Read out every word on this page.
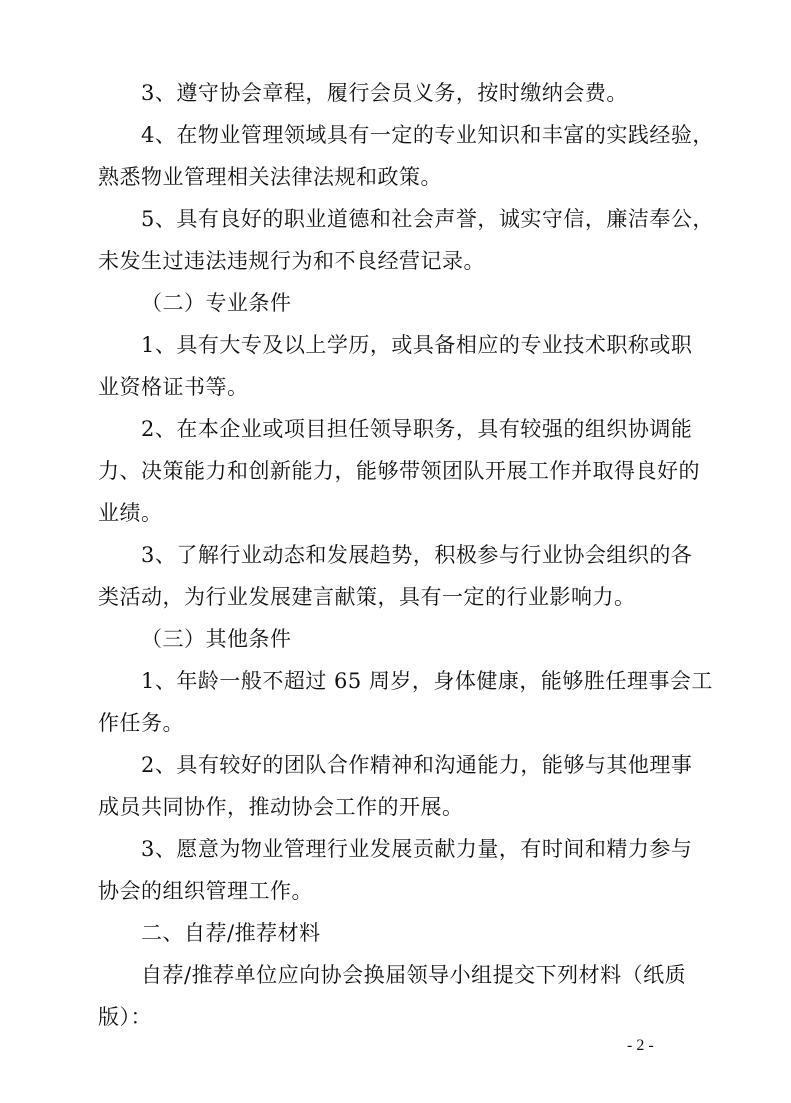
3、遵守协会章程，履行会员义务，按时缴纳会费。
4、在物业管理领域具有一定的专业知识和丰富的实践经验，
熟悉物业管理相关法律法规和政策。
5、具有良好的职业道德和社会声誉，诚实守信，廉洁奉公，
未发生过违法违规行为和不良经营记录。
（二）专业条件
1、具有大专及以上学历，或具备相应的专业技术职称或职
业资格证书等。
2、在本企业或项目担任领导职务，具有较强的组织协调能
力、决策能力和创新能力，能够带领团队开展工作并取得良好的
业绩。
3、了解行业动态和发展趋势，积极参与行业协会组织的各
类活动，为行业发展建言献策，具有一定的行业影响力。
（三）其他条件
1、年龄一般不超过 65 周岁，身体健康，能够胜任理事会工
作任务。
2、具有较好的团队合作精神和沟通能力，能够与其他理事
成员共同协作，推动协会工作的开展。
3、愿意为物业管理行业发展贡献力量，有时间和精力参与
协会的组织管理工作。
二、自荐/推荐材料
自荐/推荐单位应向协会换届领导小组提交下列材料（纸质
版）：
- 2 -
